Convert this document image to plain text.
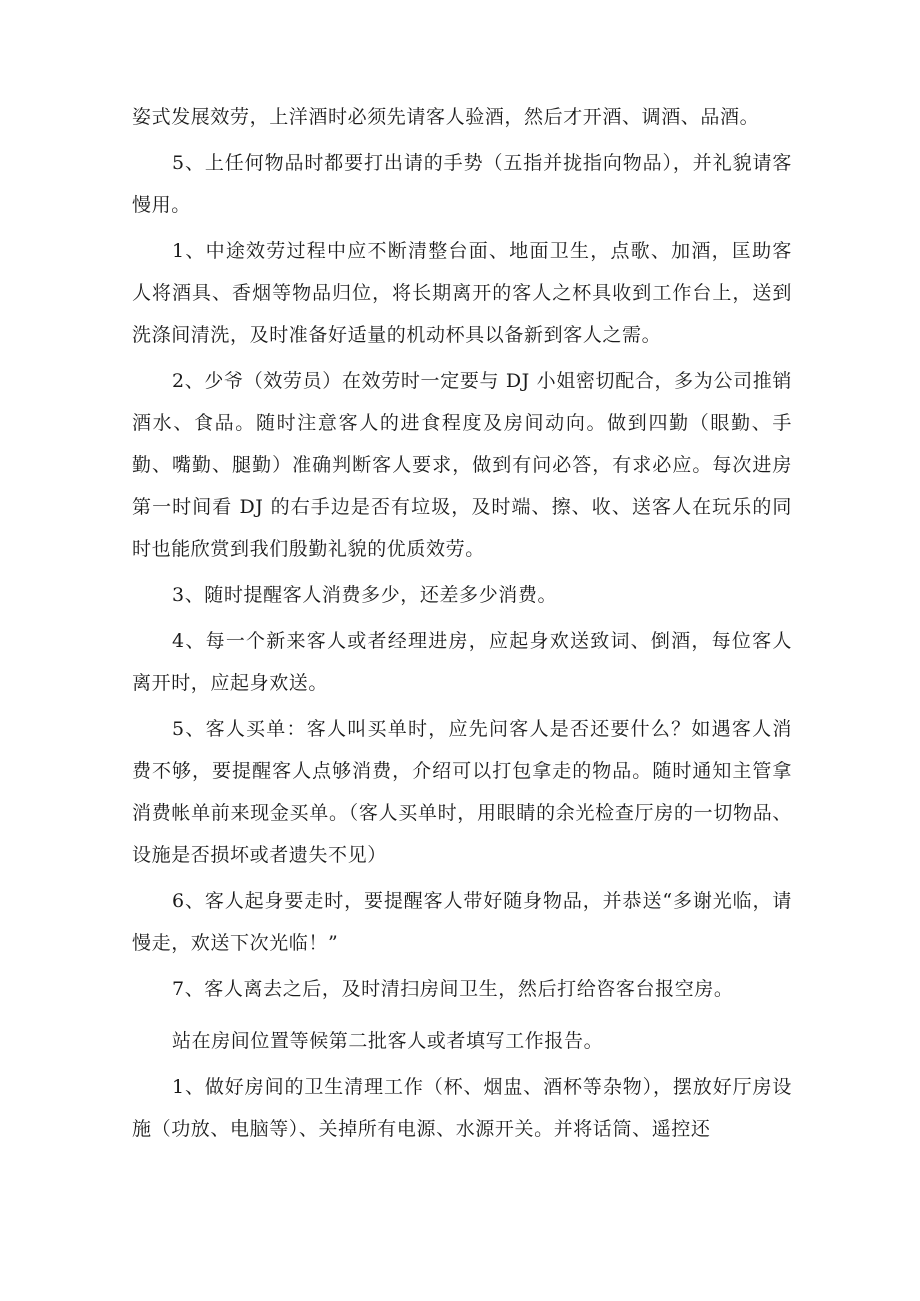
姿式发展效劳，上洋酒时必须先请客人验酒，然后才开酒、调酒、品酒。

5、上任何物品时都要打出请的手势（五指并拢指向物品），并礼貌请客慢用。

1、中途效劳过程中应不断清整台面、地面卫生，点歌、加酒，匡助客人将酒具、香烟等物品归位，将长期离开的客人之杯具收到工作台上，送到洗涤间清洗，及时准备好适量的机动杯具以备新到客人之需。

2、少爷（效劳员）在效劳时一定要与 DJ 小姐密切配合，多为公司推销酒水、食品。随时注意客人的进食程度及房间动向。做到四勤（眼勤、手勤、嘴勤、腿勤）准确判断客人要求，做到有问必答，有求必应。每次进房第一时间看 DJ 的右手边是否有垃圾，及时端、擦、收、送客人在玩乐的同时也能欣赏到我们殷勤礼貌的优质效劳。

3、随时提醒客人消费多少，还差多少消费。

4、每一个新来客人或者经理进房，应起身欢送致词、倒酒，每位客人离开时，应起身欢送。

5、客人买单：客人叫买单时，应先问客人是否还要什么？如遇客人消费不够，要提醒客人点够消费，介绍可以打包拿走的物品。随时通知主管拿消费帐单前来现金买单。（客人买单时，用眼睛的余光检查厅房的一切物品、设施是否损坏或者遗失不见）

6、客人起身要走时，要提醒客人带好随身物品，并恭送“多谢光临，请慢走，欢送下次光临！”

7、客人离去之后，及时清扫房间卫生，然后打给咨客台报空房。

站在房间位置等候第二批客人或者填写工作报告。

1、做好房间的卫生清理工作（杯、烟盅、酒杯等杂物），摆放好厅房设施（功放、电脑等）、关掉所有电源、水源开关。并将话筒、遥控还
